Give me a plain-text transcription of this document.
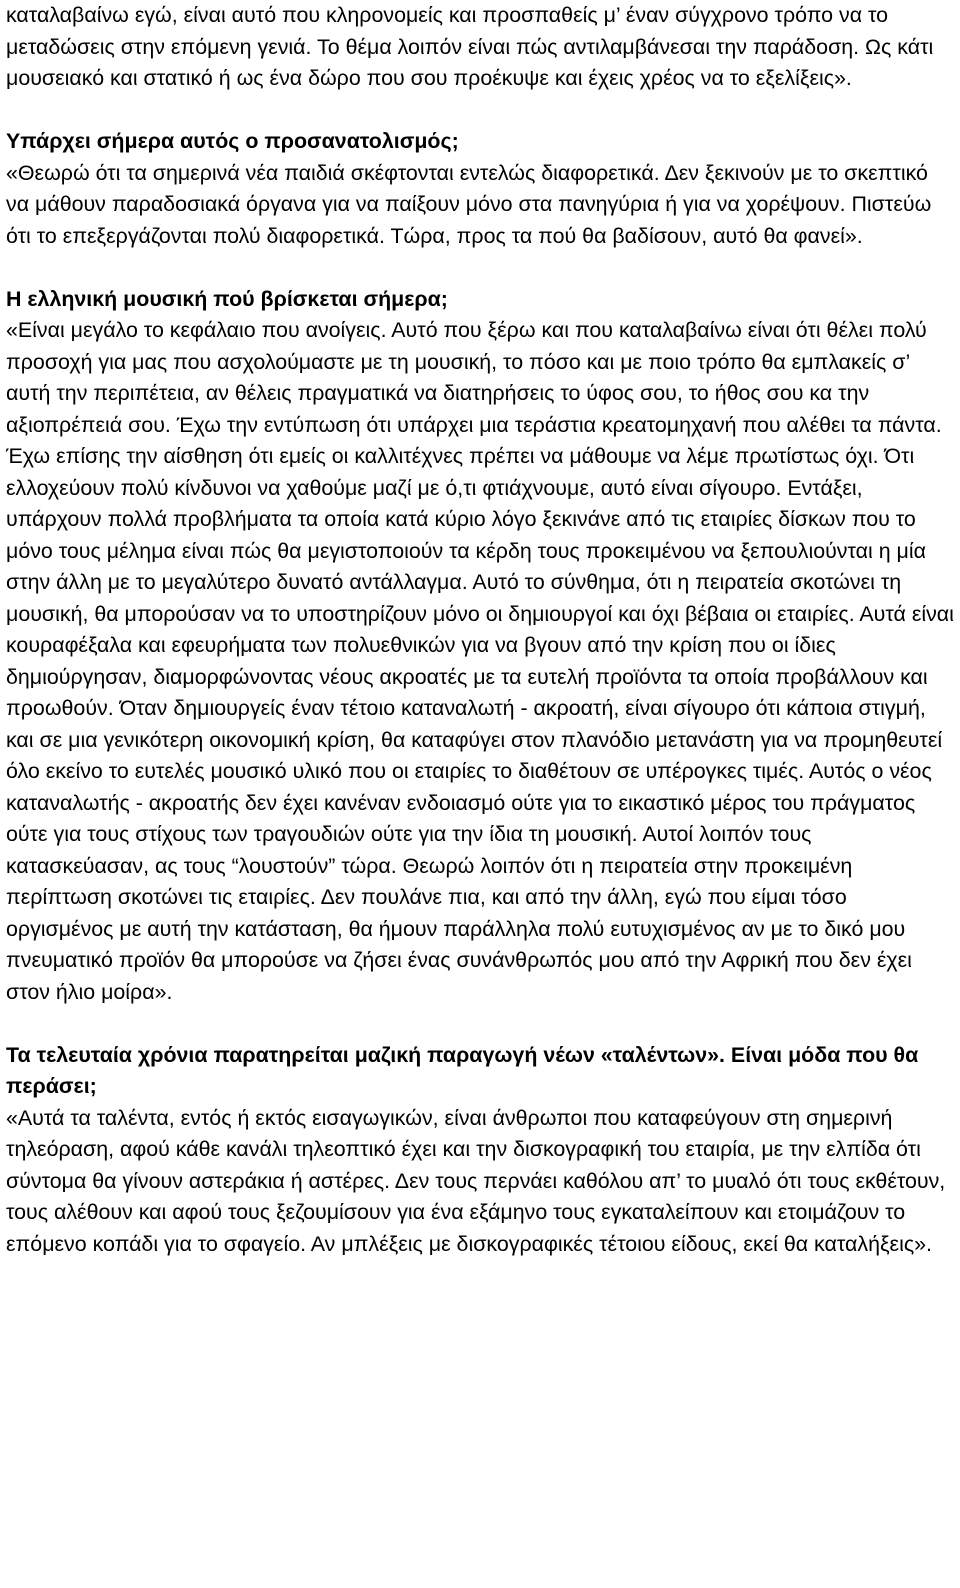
καταλαβαίνω εγώ, είναι αυτό που κληρονομείς και προσπαθείς μ’ έναν σύγχρονο τρόπο να το μεταδώσεις στην επόμενη γενιά. Το θέμα λοιπόν είναι πώς αντιλαμβάνεσαι την παράδοση. Ως κάτι μουσειακό και στατικό ή ως ένα δώρο που σου προέκυψε και έχεις χρέος να το εξελίξεις».

Υπάρχει σήμερα αυτός ο προσανατολισμός;

«Θεωρώ ότι τα σημερινά νέα παιδιά σκέφτονται εντελώς διαφορετικά. Δεν ξεκινούν με το σκεπτικό να μάθουν παραδοσιακά όργανα για να παίξουν μόνο στα πανηγύρια ή για να χορέψουν. Πιστεύω ότι το επεξεργάζονται πολύ διαφορετικά. Τώρα, προς τα πού θα βαδίσουν, αυτό θα φανεί».

Η ελληνική μουσική πού βρίσκεται σήμερα;

«Είναι μεγάλο το κεφάλαιο που ανοίγεις. Αυτό που ξέρω και που καταλαβαίνω είναι ότι θέλει πολύ προσοχή για μας που ασχολούμαστε με τη μουσική, το πόσο και με ποιο τρόπο θα εμπλακείς σ’ αυτή την περιπέτεια, αν θέλεις πραγματικά να διατηρήσεις το ύφος σου, το ήθος σου κα την αξιοπρέπειά σου. Έχω την εντύπωση ότι υπάρχει μια τεράστια κρεατομηχανή που αλέθει τα πάντα. Έχω επίσης την αίσθηση ότι εμείς οι καλλιτέχνες πρέπει να μάθουμε να λέμε πρωτίστως όχι. Ότι ελλοχεύουν πολύ κίνδυνοι να χαθούμε μαζί με ό,τι φτιάχνουμε, αυτό είναι σίγουρο. Εντάξει, υπάρχουν πολλά προβλήματα τα οποία κατά κύριο λόγο ξεκινάνε από τις εταιρίες δίσκων που το μόνο τους μέλημα είναι πώς θα μεγιστοποιούν τα κέρδη τους προκειμένου να ξεπουλιούνται η μία στην άλλη με το μεγαλύτερο δυνατό αντάλλαγμα. Αυτό το σύνθημα, ότι η πειρατεία σκοτώνει τη μουσική, θα μπορούσαν να το υποστηρίζουν μόνο οι δημιουργοί και όχι βέβαια οι εταιρίες. Αυτά είναι κουραφέξαλα και εφευρήματα των πολυεθνικών για να βγουν από την κρίση που οι ίδιες δημιούργησαν, διαμορφώνοντας νέους ακροατές με τα ευτελή προϊόντα τα οποία προβάλλουν και προωθούν. Όταν δημιουργείς έναν τέτοιο καταναλωτή - ακροατή, είναι σίγουρο ότι κάποια στιγμή, και σε μια γενικότερη οικονομική κρίση, θα καταφύγει στον πλανόδιο μετανάστη για να προμηθευτεί όλο εκείνο το ευτελές μουσικό υλικό που οι εταιρίες το διαθέτουν σε υπέρογκες τιμές. Αυτός ο νέος καταναλωτής - ακροατής δεν έχει κανέναν ενδοιασμό ούτε για το εικαστικό μέρος του πράγματος ούτε για τους στίχους των τραγουδιών ούτε για την ίδια τη μουσική. Αυτοί λοιπόν τους κατασκεύασαν, ας τους “λουστούν” τώρα. Θεωρώ λοιπόν ότι η πειρατεία στην προκειμένη περίπτωση σκοτώνει τις εταιρίες. Δεν πουλάνε πια, και από την άλλη, εγώ που είμαι τόσο οργισμένος με αυτή την κατάσταση, θα ήμουν παράλληλα πολύ ευτυχισμένος αν με το δικό μου πνευματικό προϊόν θα μπορούσε να ζήσει ένας συνάνθρωπός μου από την Αφρική που δεν έχει στον ήλιο μοίρα».

Τα τελευταία χρόνια παρατηρείται μαζική παραγωγή νέων «ταλέντων». Είναι μόδα που θα περάσει;

«Αυτά τα ταλέντα, εντός ή εκτός εισαγωγικών, είναι άνθρωποι που καταφεύγουν στη σημερινή τηλεόραση, αφού κάθε κανάλι τηλεοπτικό έχει και την δισκογραφική του εταιρία, με την ελπίδα ότι σύντομα θα γίνουν αστεράκια ή αστέρες. Δεν τους περνάει καθόλου απ’ το μυαλό ότι τους εκθέτουν, τους αλέθουν και αφού τους ξεζουμίσουν για ένα εξάμηνο τους εγκαταλείπουν και ετοιμάζουν το επόμενο κοπάδι για το σφαγείο. Αν μπλέξεις με δισκογραφικές τέτοιου είδους, εκεί θα καταλήξεις».
